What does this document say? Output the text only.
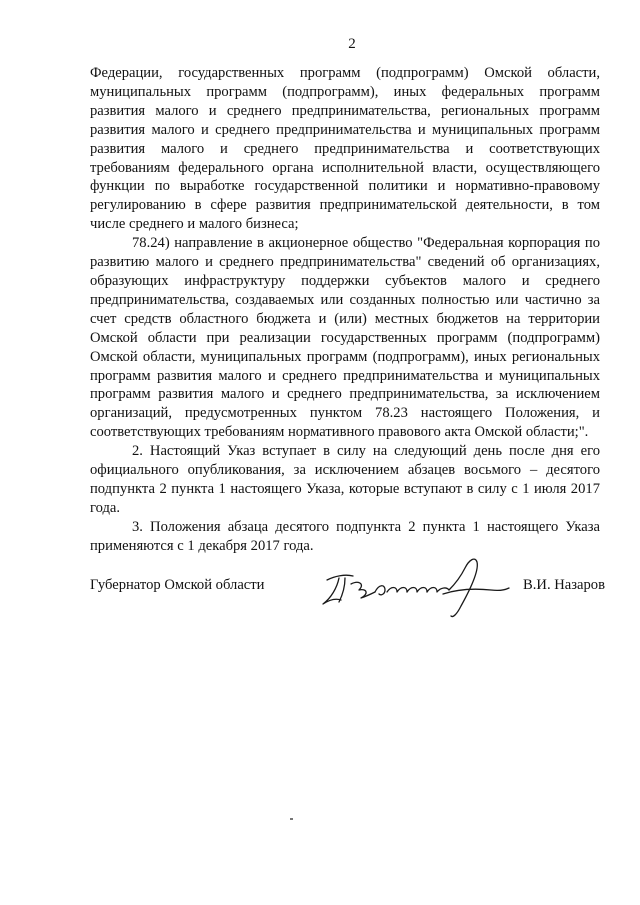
2

Федерации, государственных программ (подпрограмм) Омской области, муниципальных программ (подпрограмм), иных федеральных программ развития малого и среднего предпринимательства, региональных программ развития малого и среднего предпринимательства и муниципальных программ развития малого и среднего предпринимательства и соответствующих требованиям федерального органа исполнительной власти, осуществляющего функции по выработке государственной политики и нормативно-правовому регулированию в сфере развития предпринимательской деятельности, в том числе среднего и малого бизнеса;

78.24) направление в акционерное общество "Федеральная корпорация по развитию малого и среднего предпринимательства" сведений об организациях, образующих инфраструктуру поддержки субъектов малого и среднего предпринимательства, создаваемых или созданных полностью или частично за счет средств областного бюджета и (или) местных бюджетов на территории Омской области при реализации государственных программ (подпрограмм) Омской области, муниципальных программ (подпрограмм), иных региональных программ развития малого и среднего предпринимательства и муниципальных программ развития малого и среднего предпринимательства, за исключением организаций, предусмотренных пунктом 78.23 настоящего Положения, и соответствующих требованиям нормативного правового акта Омской области;".

2. Настоящий Указ вступает в силу на следующий день после дня его официального опубликования, за исключением абзацев восьмого – десятого подпункта 2 пункта 1 настоящего Указа, которые вступают в силу с 1 июля 2017 года.

3. Положения абзаца десятого подпункта 2 пункта 1 настоящего Указа применяются с 1 декабря 2017 года.

Губернатор Омской области	В.И. Назаров
